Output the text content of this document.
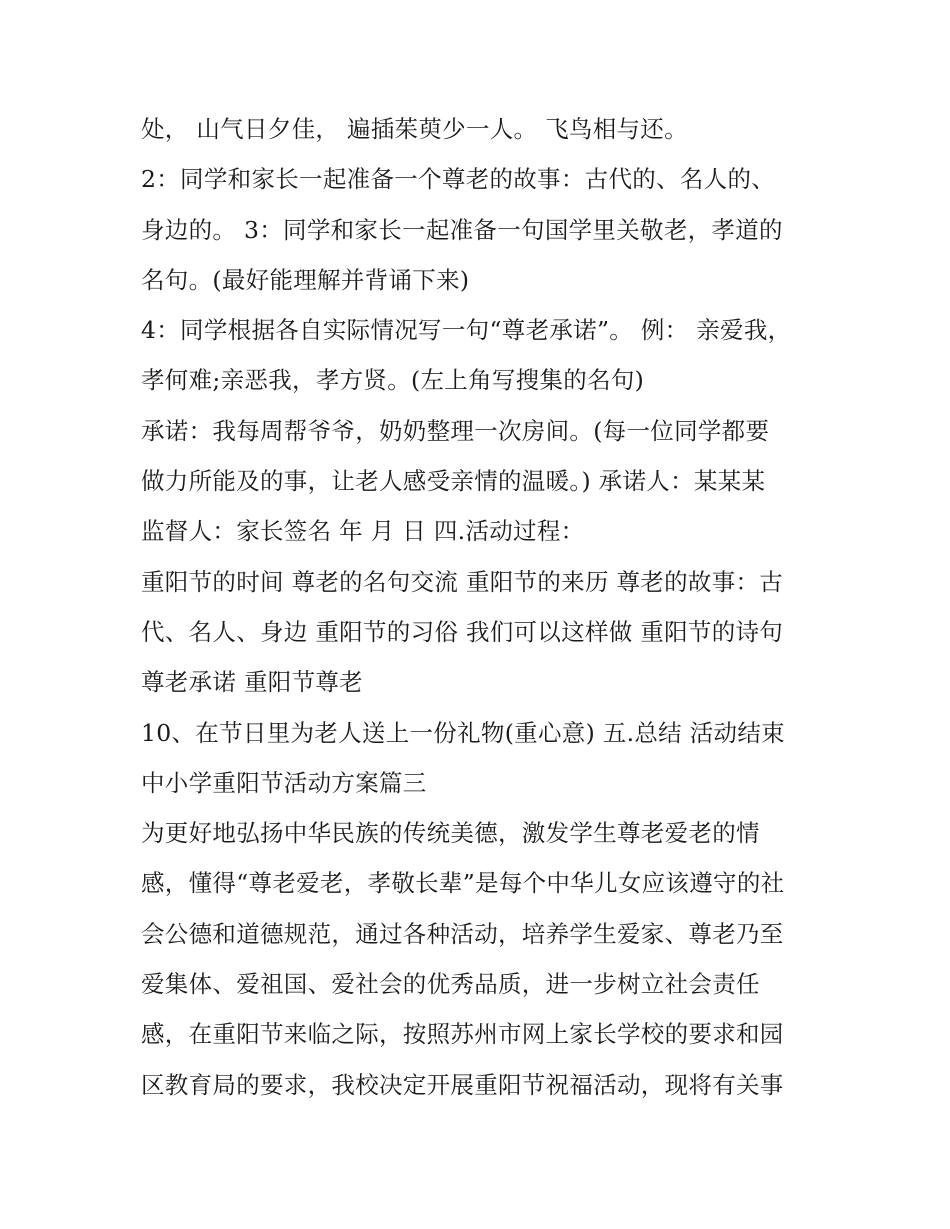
处， 山气日夕佳， 遍插茱萸少一人。 飞鸟相与还。
2：同学和家长一起准备一个尊老的故事：古代的、名人的、
身边的。 3：同学和家长一起准备一句国学里关敬老，孝道的
名句。(最好能理解并背诵下来)
4：同学根据各自实际情况写一句“尊老承诺”。 例： 亲爱我，
孝何难;亲恶我，孝方贤。(左上角写搜集的名句)
承诺：我每周帮爷爷，奶奶整理一次房间。(每一位同学都要
做力所能及的事，让老人感受亲情的温暖。) 承诺人：某某某
监督人：家长签名 年 月 日 四.活动过程：
重阳节的时间 尊老的名句交流 重阳节的来历 尊老的故事：古
代、名人、身边 重阳节的习俗 我们可以这样做 重阳节的诗句
尊老承诺 重阳节尊老
10、在节日里为老人送上一份礼物(重心意) 五.总结 活动结束
中小学重阳节活动方案篇三
为更好地弘扬中华民族的传统美德，激发学生尊老爱老的情
感，懂得“尊老爱老，孝敬长辈”是每个中华儿女应该遵守的社
会公德和道德规范，通过各种活动，培养学生爱家、尊老乃至
爱集体、爱祖国、爱社会的优秀品质，进一步树立社会责任
感，在重阳节来临之际，按照苏州市网上家长学校的要求和园
区教育局的要求，我校决定开展重阳节祝福活动，现将有关事
